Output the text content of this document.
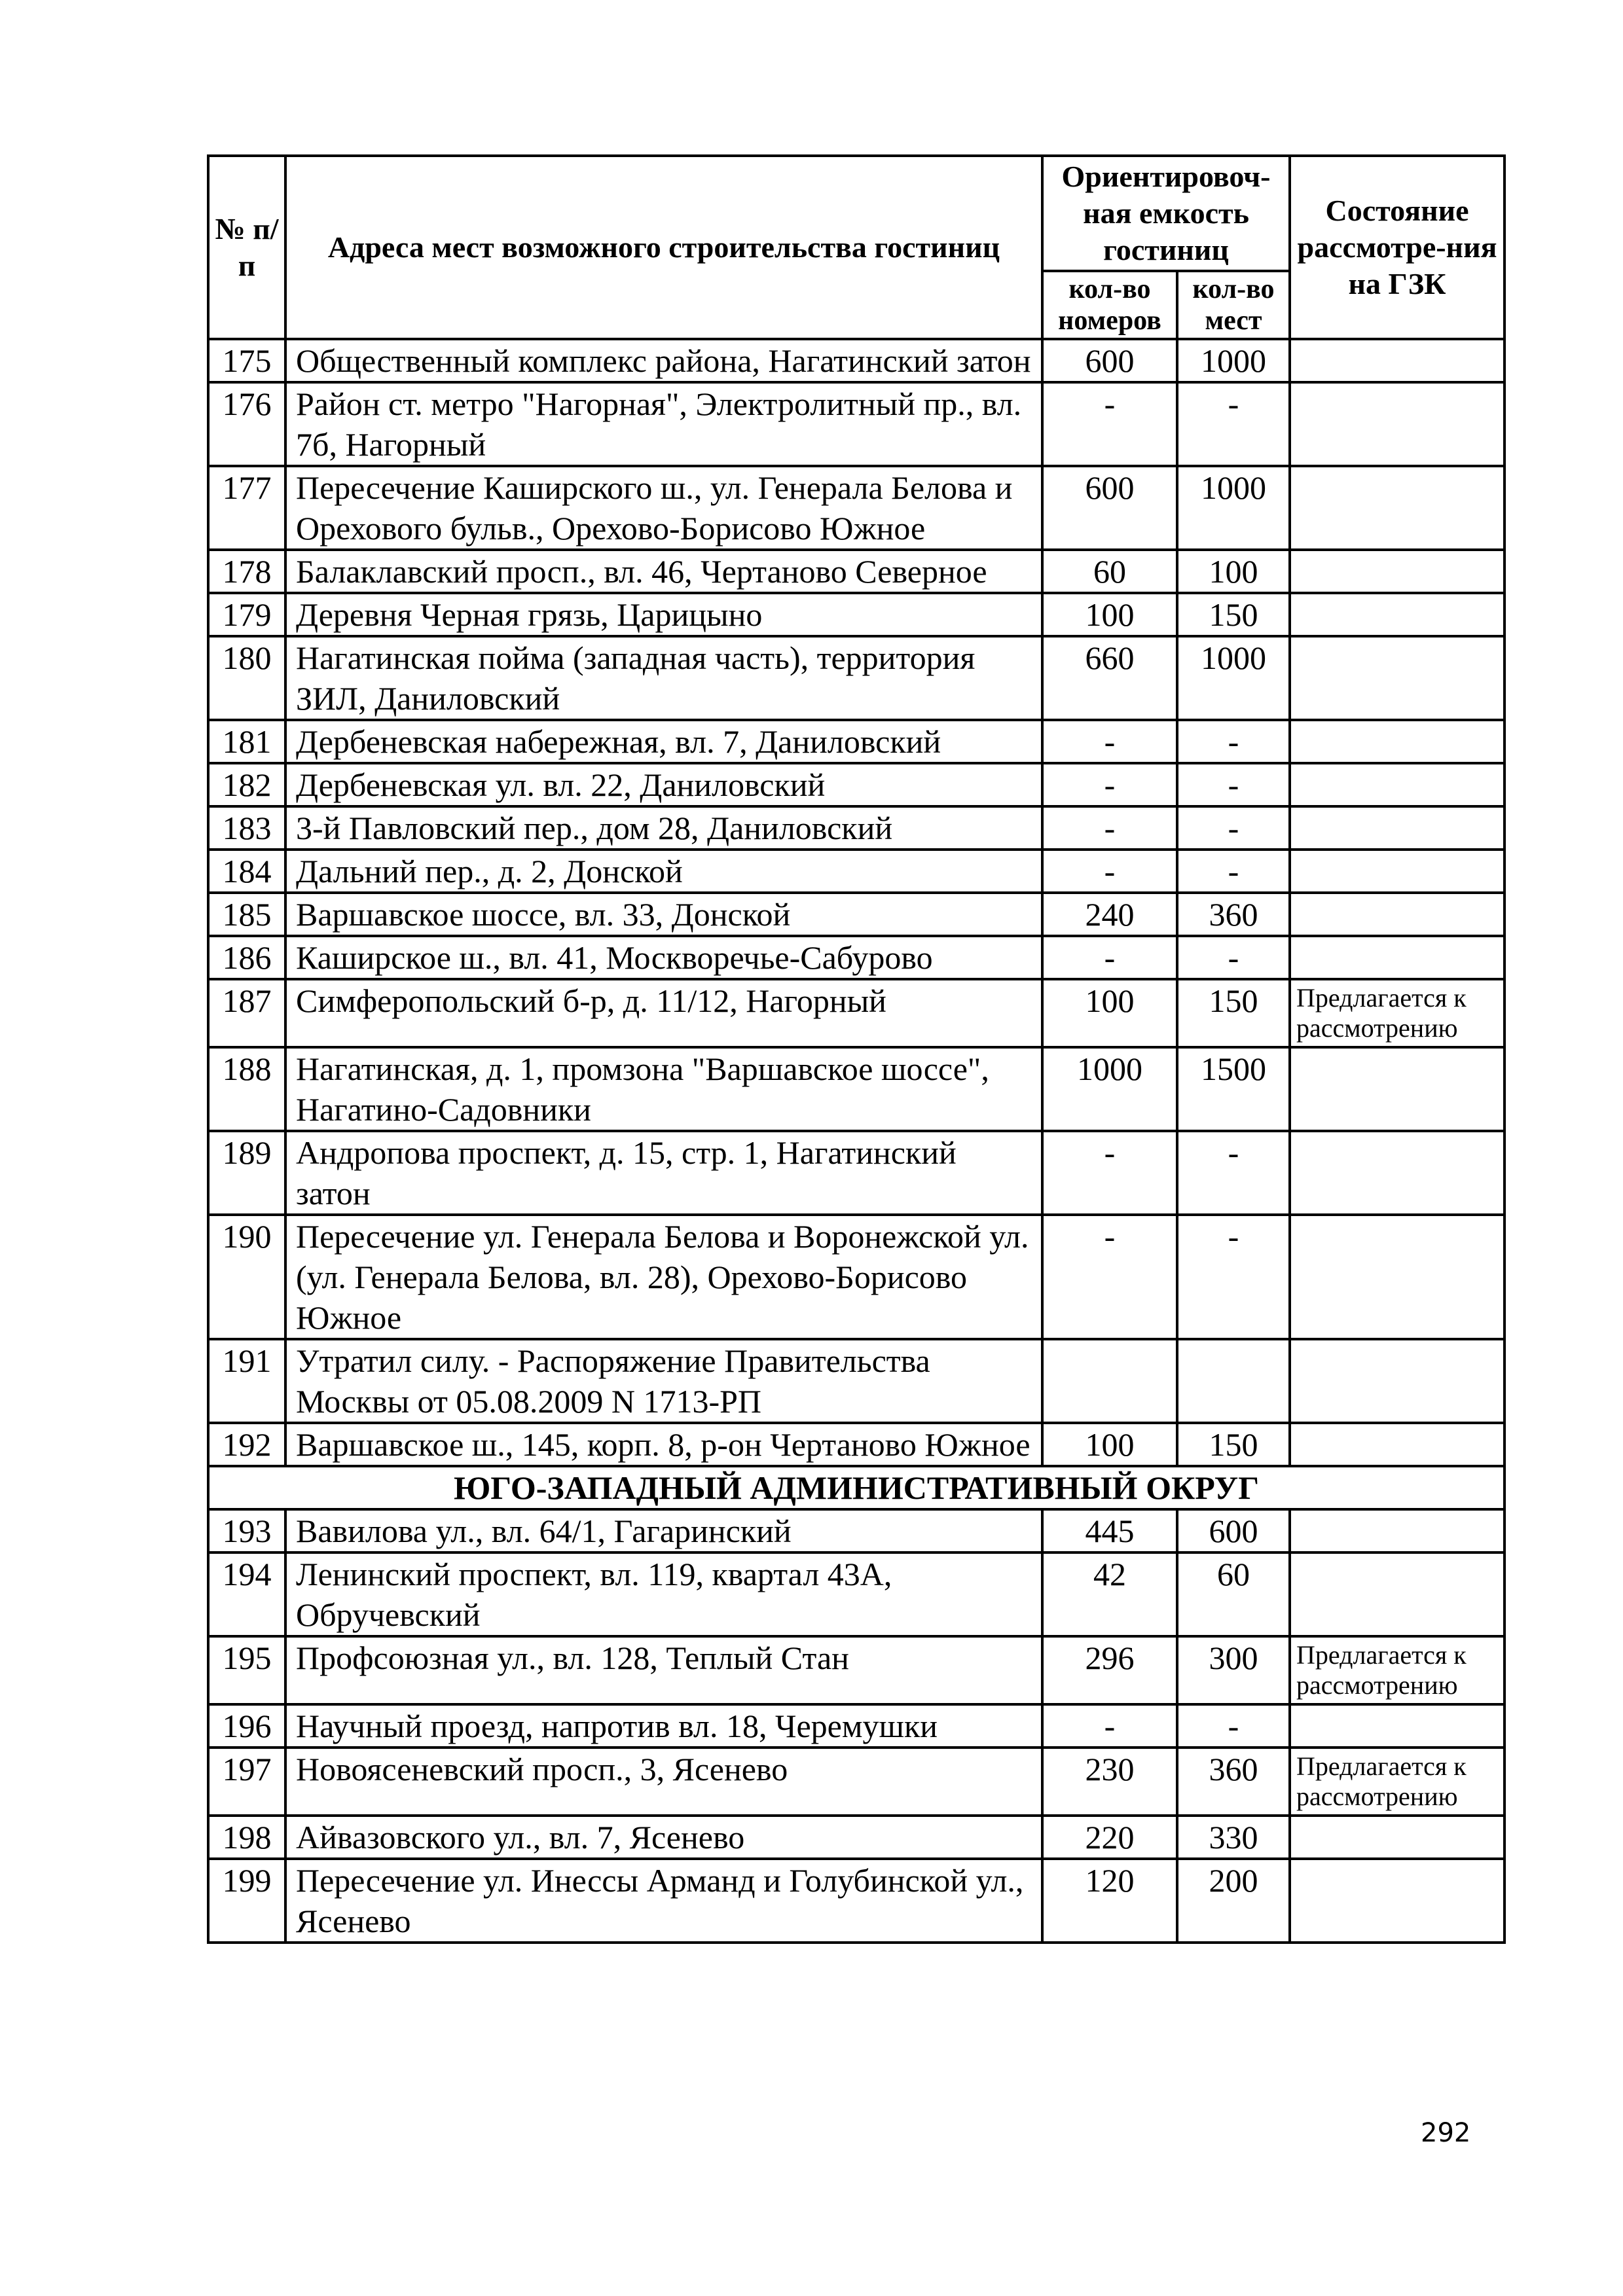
№ п/п	Адреса мест возможного строительства гостиниц	Ориентировоч-ная емкость гостиниц		Состояние рассмотре-ния на ГЗК
		кол-во номеров	кол-во мест	
175	Общественный комплекс района, Нагатинский затон	600	1000	
176	Район ст. метро "Нагорная", Электролитный пр., вл. 7б, Нагорный	-	-	
177	Пересечение Каширского ш., ул. Генерала Белова и Орехового бульв., Орехово-Борисово Южное	600	1000	
178	Балаклавский просп., вл. 46, Чертаново Северное	60	100	
179	Деревня Черная грязь, Царицыно	100	150	
180	Нагатинская пойма (западная часть), территория ЗИЛ, Даниловский	660	1000	
181	Дербеневская набережная, вл. 7, Даниловский	-	-	
182	Дербеневская ул. вл. 22, Даниловский	-	-	
183	3-й Павловский пер., дом 28, Даниловский	-	-	
184	Дальний пер., д. 2, Донской	-	-	
185	Варшавское шоссе, вл. 33, Донской	240	360	
186	Каширское ш., вл. 41, Москворечье-Сабурово	-	-	
187	Симферопольский б-р, д. 11/12, Нагорный	100	150	Предлагается к рассмотрению
188	Нагатинская, д. 1, промзона "Варшавское шоссе", Нагатино-Садовники	1000	1500	
189	Андропова проспект, д. 15, стр. 1, Нагатинский затон	-	-	
190	Пересечение ул. Генерала Белова и Воронежской ул. (ул. Генерала Белова, вл. 28), Орехово-Борисово Южное	-	-	
191	Утратил силу. - Распоряжение Правительства Москвы от 05.08.2009 N 1713-РП			
192	Варшавское ш., 145, корп. 8, р-он Чертаново Южное	100	150	
ЮГО-ЗАПАДНЫЙ АДМИНИСТРАТИВНЫЙ ОКРУГ				
193	Вавилова ул., вл. 64/1, Гагаринский	445	600	
194	Ленинский проспект, вл. 119, квартал 43А, Обручевский	42	60	
195	Профсоюзная ул., вл. 128, Теплый Стан	296	300	Предлагается к рассмотрению
196	Научный проезд, напротив вл. 18, Черемушки	-	-	
197	Новоясеневский просп., 3, Ясенево	230	360	Предлагается к рассмотрению
198	Айвазовского ул., вл. 7, Ясенево	220	330	
199	Пересечение ул. Инессы Арманд и Голубинской ул., Ясенево	120	200	
292
